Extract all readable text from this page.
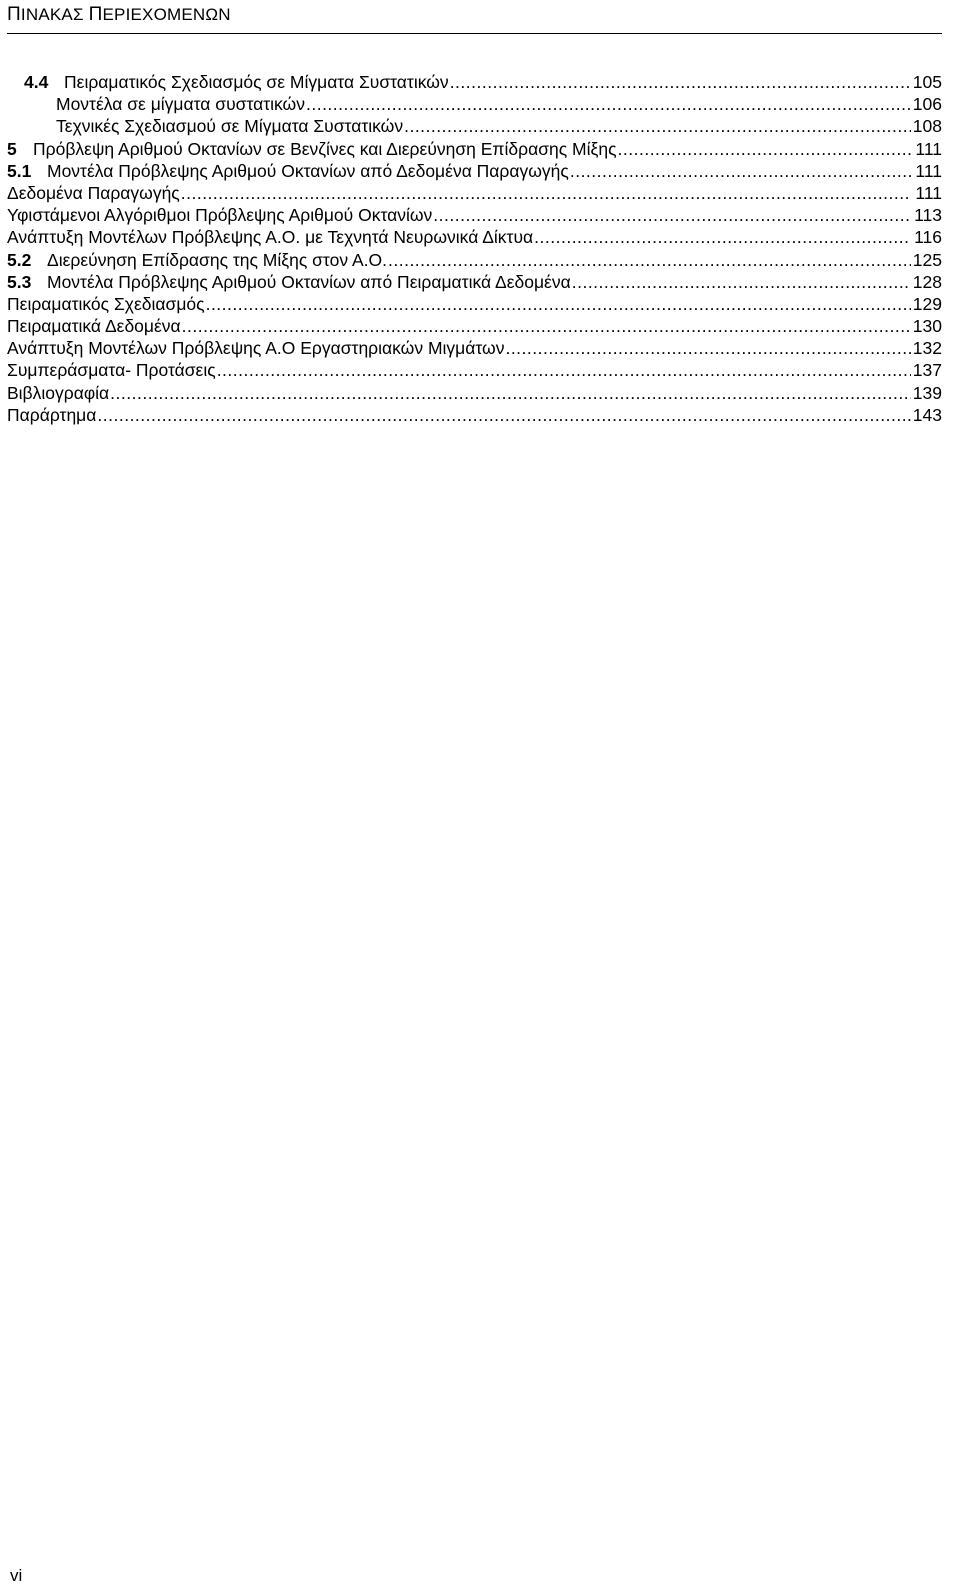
ΠΙΝΑΚΑΣ ΠΕΡΙΕΧΟΜΕΝΩΝ
4.4 Πειραματικός Σχεδιασμός σε Μίγματα Συστατικών .....	105
Μοντέλα σε μίγματα συστατικών .....	106
Τεχνικές Σχεδιασμού σε Μίγματα Συστατικών .....	108
5 Πρόβλεψη Αριθμού Οκτανίων σε Βενζίνες και Διερεύνηση Επίδρασης Μίξης .....	111
5.1 Μοντέλα Πρόβλεψης Αριθμού Οκτανίων από Δεδομένα Παραγωγής .....	111
Δεδομένα Παραγωγής .....	111
Υφιστάμενοι Αλγόριθμοι Πρόβλεψης Αριθμού Οκτανίων .....	113
Ανάπτυξη Μοντέλων Πρόβλεψης Α.Ο. με Τεχνητά Νευρωνικά Δίκτυα .....	116
5.2 Διερεύνηση Επίδρασης της Μίξης στον Α.Ο. .....	125
5.3 Μοντέλα Πρόβλεψης Αριθμού Οκτανίων από Πειραματικά Δεδομένα .....	128
Πειραματικός Σχεδιασμός .....	129
Πειραματικά Δεδομένα .....	130
Ανάπτυξη Μοντέλων Πρόβλεψης Α.Ο Εργαστηριακών Μιγμάτων .....	132
Συμπεράσματα- Προτάσεις .....	137
Βιβλιογραφία .....	139
Παράρτημα .....	143
vi
